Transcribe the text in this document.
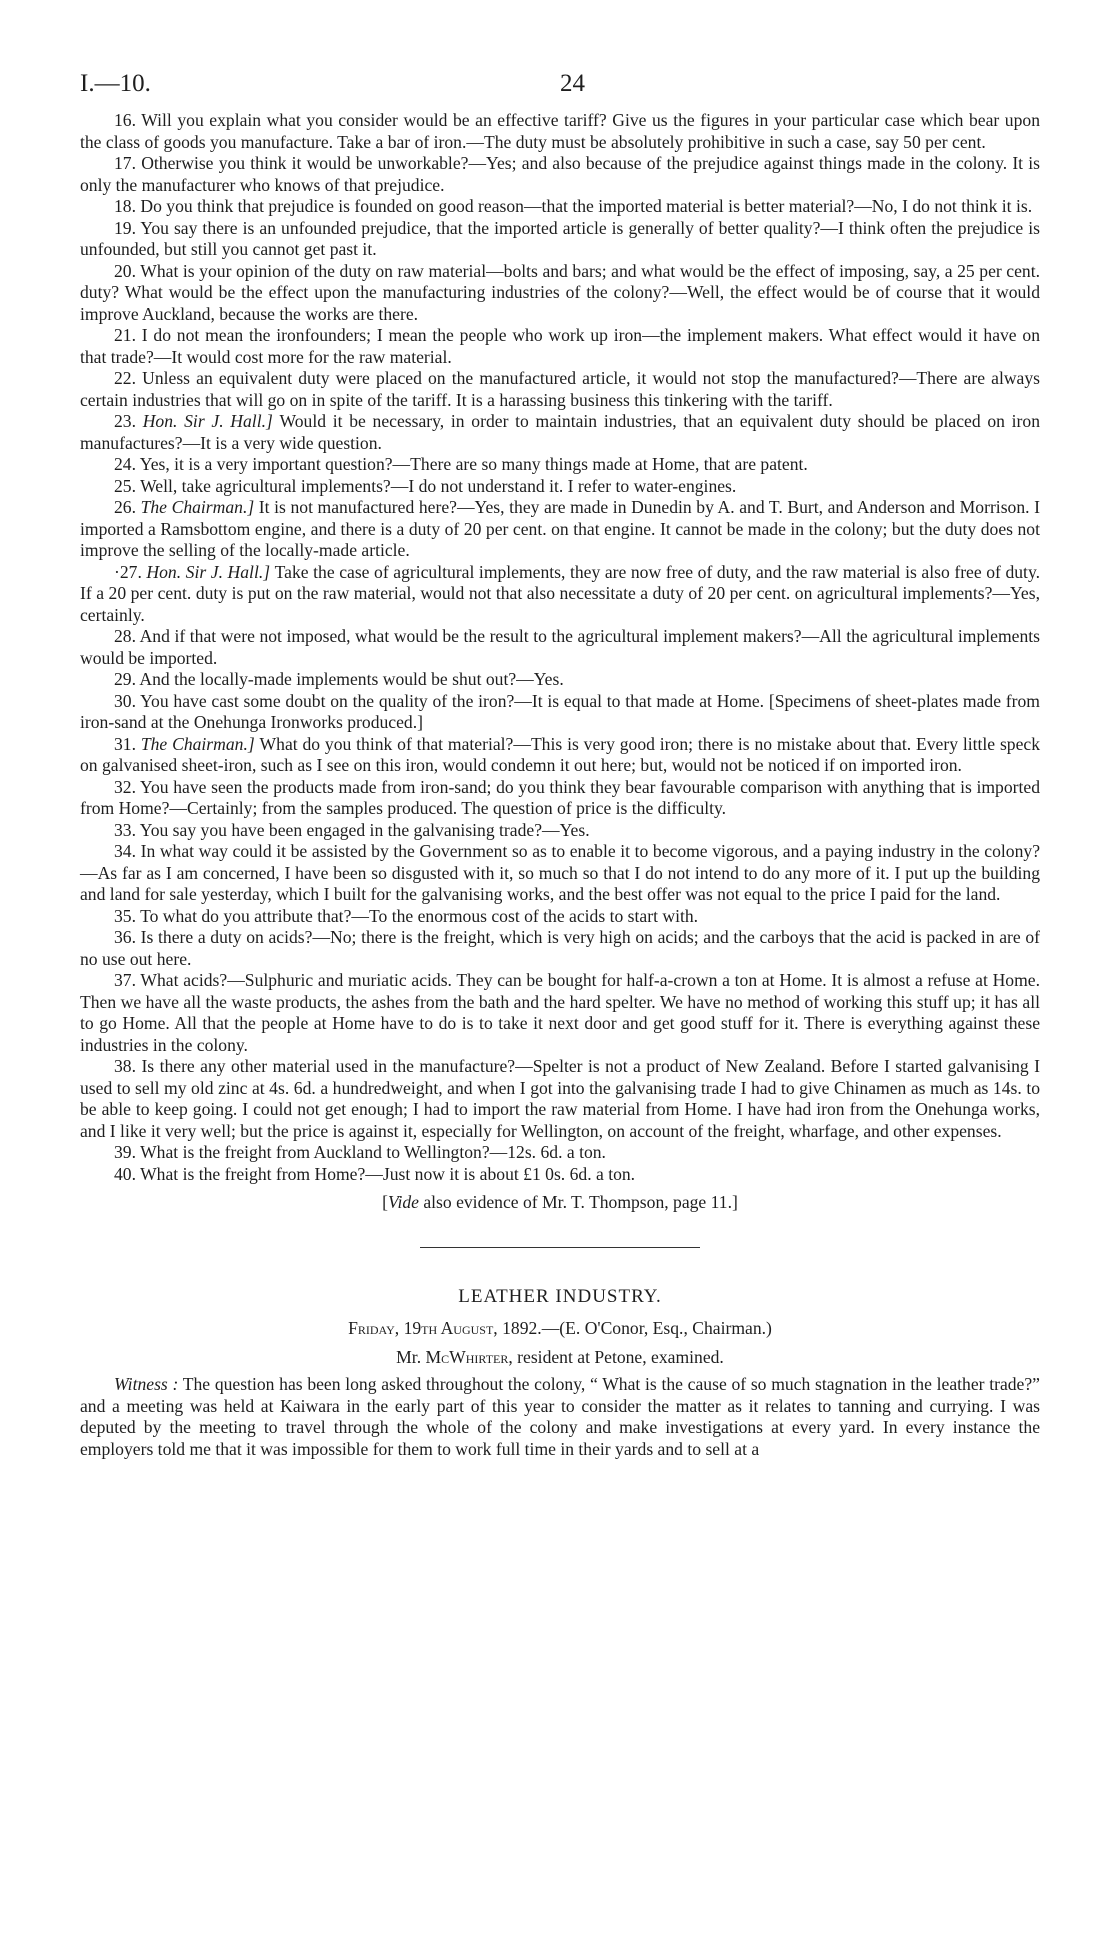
I.—10.	24

16. Will you explain what you consider would be an effective tariff? Give us the figures in your particular case which bear upon the class of goods you manufacture. Take a bar of iron.—The duty must be absolutely prohibitive in such a case, say 50 per cent.

17. Otherwise you think it would be unworkable?—Yes; and also because of the prejudice against things made in the colony. It is only the manufacturer who knows of that prejudice.

18. Do you think that prejudice is founded on good reason—that the imported material is better material?—No, I do not think it is.

19. You say there is an unfounded prejudice, that the imported article is generally of better quality?—I think often the prejudice is unfounded, but still you cannot get past it.

20. What is your opinion of the duty on raw material—bolts and bars; and what would be the effect of imposing, say, a 25 per cent. duty? What would be the effect upon the manufacturing industries of the colony?—Well, the effect would be of course that it would improve Auckland, because the works are there.

21. I do not mean the ironfounders; I mean the people who work up iron—the implement makers. What effect would it have on that trade?—It would cost more for the raw material.

22. Unless an equivalent duty were placed on the manufactured article, it would not stop the manufactured?—There are always certain industries that will go on in spite of the tariff. It is a harassing business this tinkering with the tariff.

23. Hon. Sir J. Hall.] Would it be necessary, in order to maintain industries, that an equivalent duty should be placed on iron manufactures?—It is a very wide question.

24. Yes, it is a very important question?—There are so many things made at Home, that are patent.

25. Well, take agricultural implements?—I do not understand it. I refer to water-engines.

26. The Chairman.] It is not manufactured here?—Yes, they are made in Dunedin by A. and T. Burt, and Anderson and Morrison. I imported a Ramsbottom engine, and there is a duty of 20 per cent. on that engine. It cannot be made in the colony; but the duty does not improve the selling of the locally-made article.

·27. Hon. Sir J. Hall.] Take the case of agricultural implements, they are now free of duty, and the raw material is also free of duty. If a 20 per cent. duty is put on the raw material, would not that also necessitate a duty of 20 per cent. on agricultural implements?—Yes, certainly.

28. And if that were not imposed, what would be the result to the agricultural implement makers?—All the agricultural implements would be imported.

29. And the locally-made implements would be shut out?—Yes.

30. You have cast some doubt on the quality of the iron?—It is equal to that made at Home. [Specimens of sheet-plates made from iron-sand at the Onehunga Ironworks produced.]

31. The Chairman.] What do you think of that material?—This is very good iron; there is no mistake about that. Every little speck on galvanised sheet-iron, such as I see on this iron, would condemn it out here; but, would not be noticed if on imported iron.

32. You have seen the products made from iron-sand; do you think they bear favourable comparison with anything that is imported from Home?—Certainly; from the samples produced. The question of price is the difficulty.

33. You say you have been engaged in the galvanising trade?—Yes.

34. In what way could it be assisted by the Government so as to enable it to become vigorous, and a paying industry in the colony?—As far as I am concerned, I have been so disgusted with it, so much so that I do not intend to do any more of it. I put up the building and land for sale yesterday, which I built for the galvanising works, and the best offer was not equal to the price I paid for the land.

35. To what do you attribute that?—To the enormous cost of the acids to start with.

36. Is there a duty on acids?—No; there is the freight, which is very high on acids; and the carboys that the acid is packed in are of no use out here.

37. What acids?—Sulphuric and muriatic acids. They can be bought for half-a-crown a ton at Home. It is almost a refuse at Home. Then we have all the waste products, the ashes from the bath and the hard spelter. We have no method of working this stuff up; it has all to go Home. All that the people at Home have to do is to take it next door and get good stuff for it. There is everything against these industries in the colony.

38. Is there any other material used in the manufacture?—Spelter is not a product of New Zealand. Before I started galvanising I used to sell my old zinc at 4s. 6d. a hundredweight, and when I got into the galvanising trade I had to give Chinamen as much as 14s. to be able to keep going. I could not get enough; I had to import the raw material from Home. I have had iron from the Onehunga works, and I like it very well; but the price is against it, especially for Wellington, on account of the freight, wharfage, and other expenses.

39. What is the freight from Auckland to Wellington?—12s. 6d. a ton.

40. What is the freight from Home?—Just now it is about £1 0s. 6d. a ton.

[Vide also evidence of Mr. T. Thompson, page 11.]

LEATHER INDUSTRY.

Friday, 19th August, 1892.—(E. O'Conor, Esq., Chairman.)

Mr. McWhirter, resident at Petone, examined.

Witness : The question has been long asked throughout the colony, “ What is the cause of so much stagnation in the leather trade?” and a meeting was held at Kaiwara in the early part of this year to consider the matter as it relates to tanning and currying. I was deputed by the meeting to travel through the whole of the colony and make investigations at every yard. In every instance the employers told me that it was impossible for them to work full time in their yards and to sell at a
